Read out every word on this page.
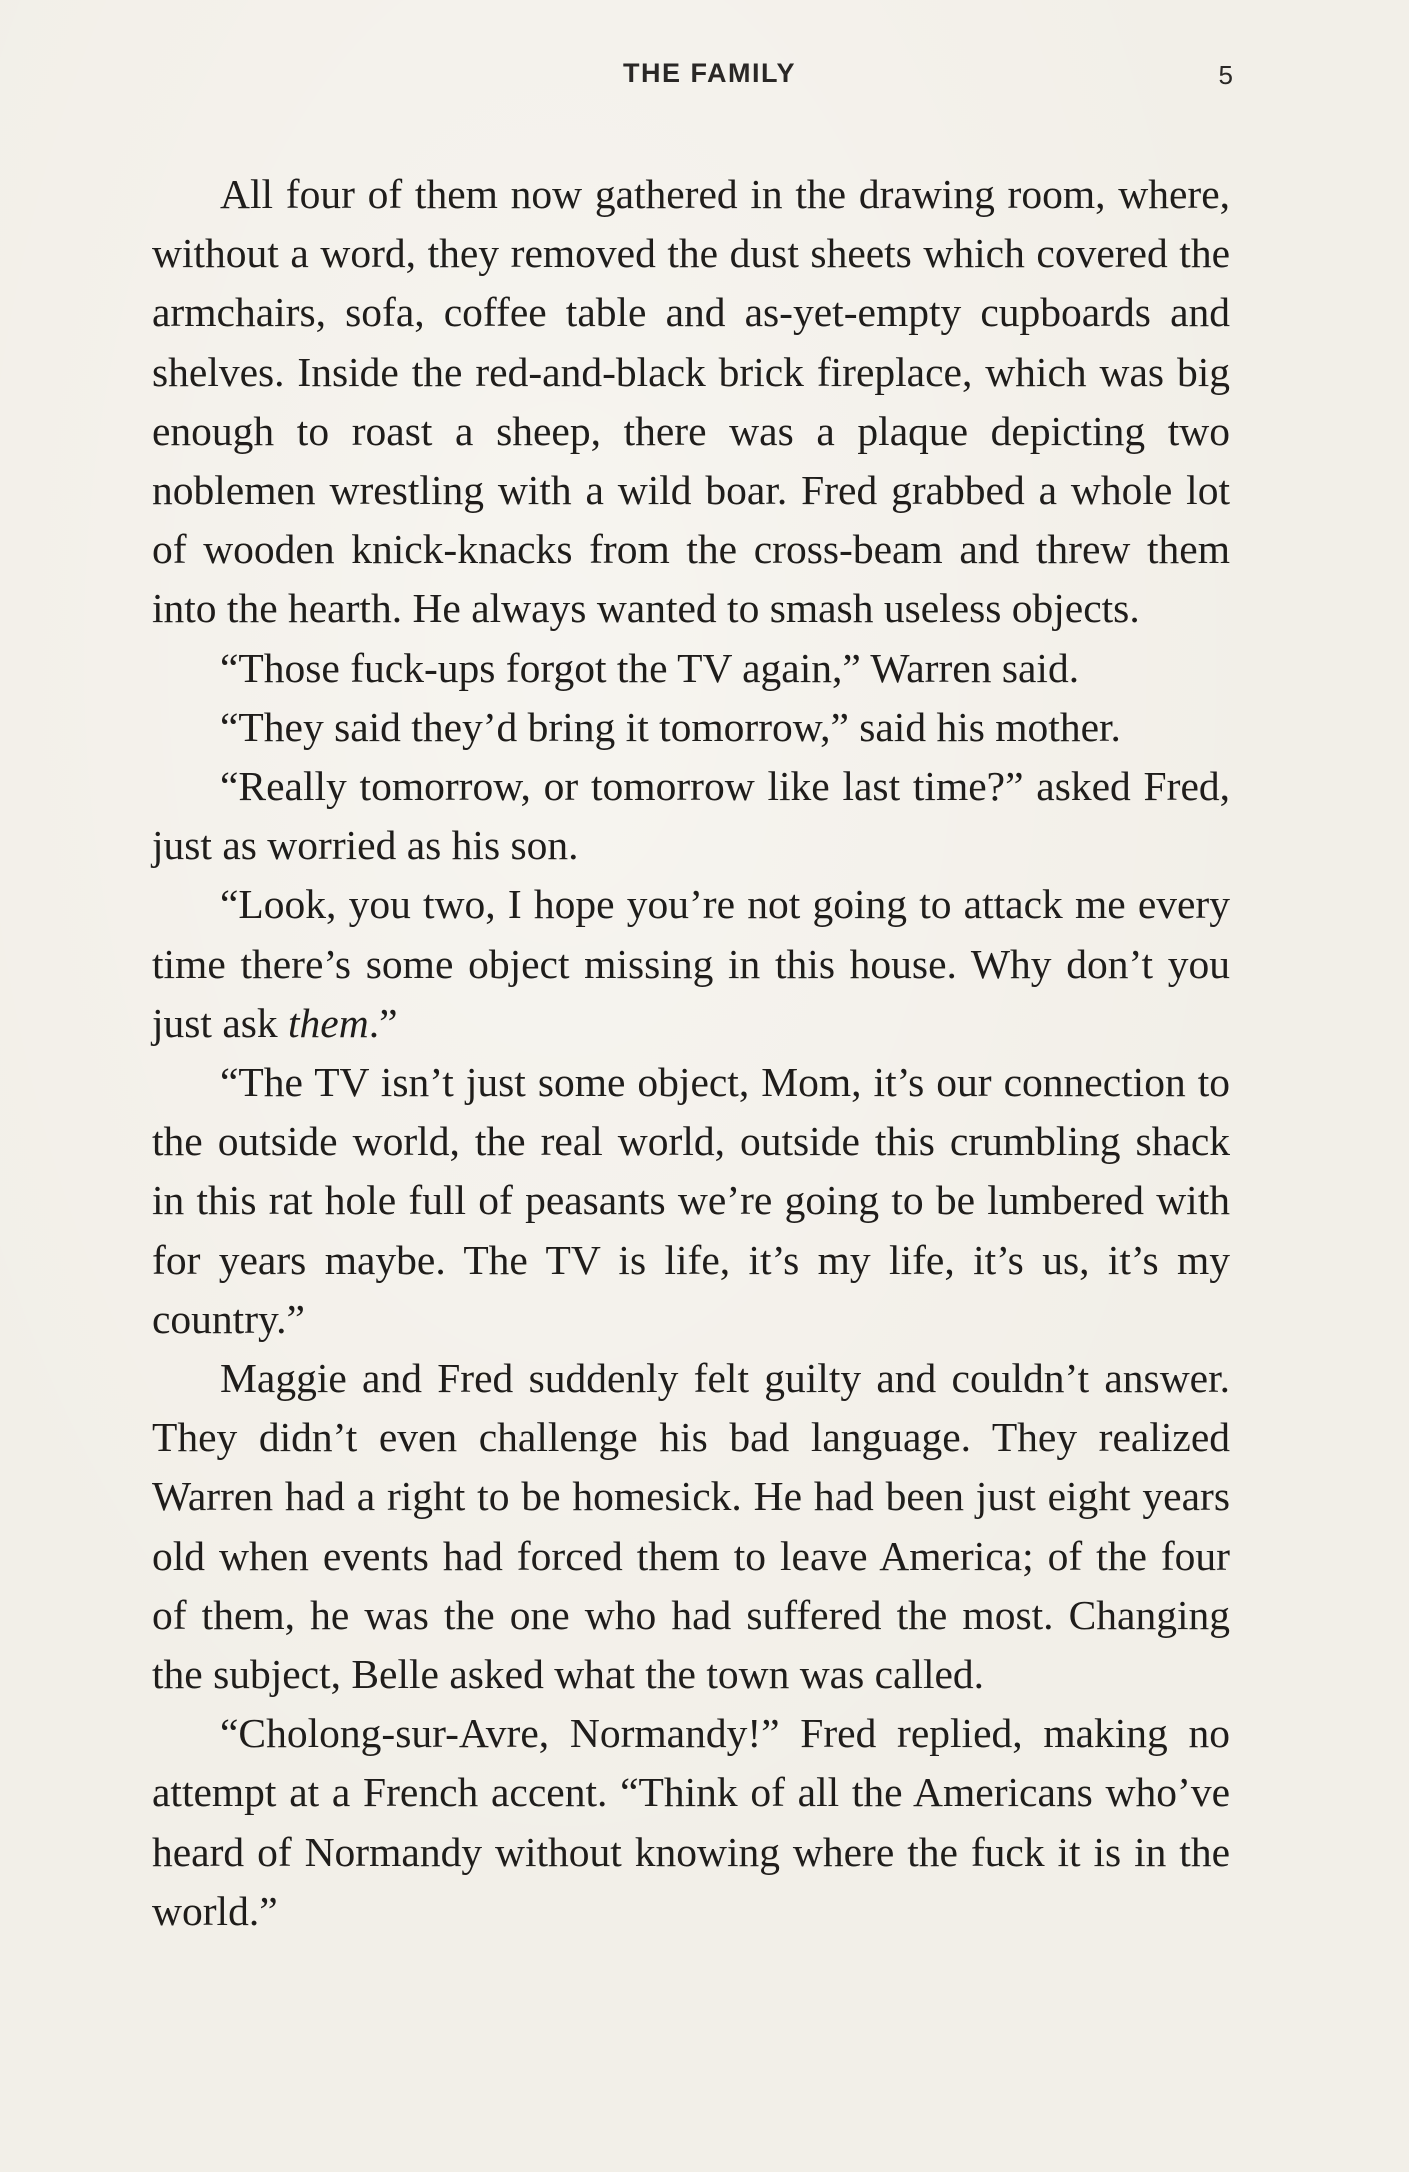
THE FAMILY	5

All four of them now gathered in the drawing room, where, without a word, they removed the dust sheets which covered the armchairs, sofa, coffee table and as-yet-empty cupboards and shelves. Inside the red-and-black brick fireplace, which was big enough to roast a sheep, there was a plaque depicting two noblemen wrestling with a wild boar. Fred grabbed a whole lot of wooden knick-knacks from the cross-beam and threw them into the hearth. He always wanted to smash useless objects.

“Those fuck-ups forgot the TV again,” Warren said.

“They said they’d bring it tomorrow,” said his mother.

“Really tomorrow, or tomorrow like last time?” asked Fred, just as worried as his son.

“Look, you two, I hope you’re not going to attack me every time there’s some object missing in this house. Why don’t you just ask them.”

“The TV isn’t just some object, Mom, it’s our connection to the outside world, the real world, outside this crumbling shack in this rat hole full of peasants we’re going to be lumbered with for years maybe. The TV is life, it’s my life, it’s us, it’s my country.”

Maggie and Fred suddenly felt guilty and couldn’t answer. They didn’t even challenge his bad language. They realized Warren had a right to be homesick. He had been just eight years old when events had forced them to leave America; of the four of them, he was the one who had suffered the most. Changing the subject, Belle asked what the town was called.

“Cholong-sur-Avre, Normandy!” Fred replied, making no attempt at a French accent. “Think of all the Americans who’ve heard of Normandy without knowing where the fuck it is in the world.”
